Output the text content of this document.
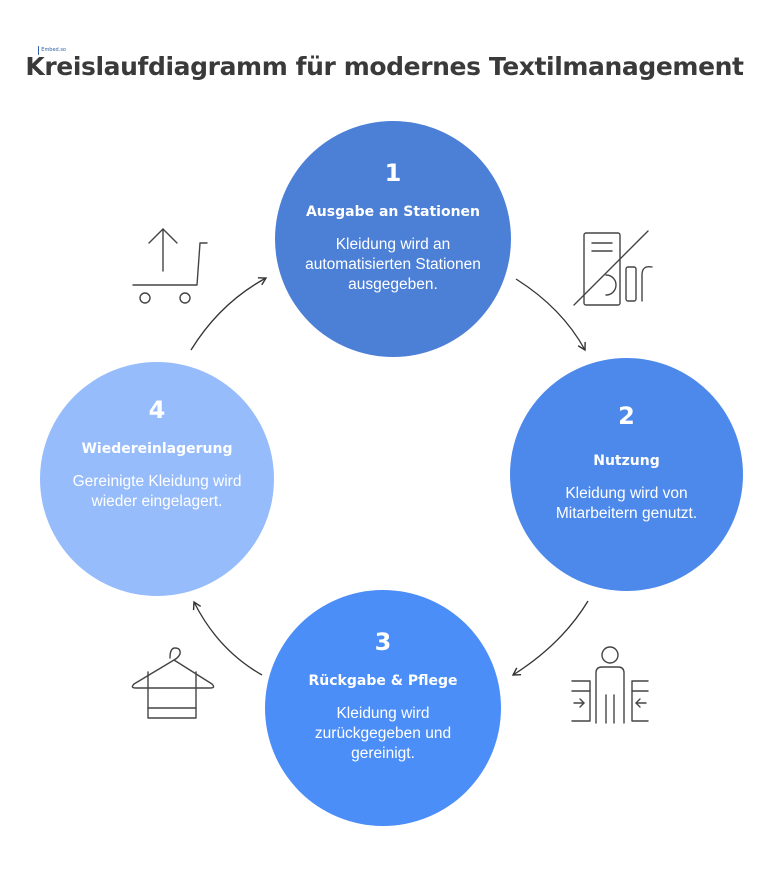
Embed.so
Kreislaufdiagramm für modernes Textilmanagement
1
Ausgabe an Stationen
Kleidung wird an automatisierten Stationen ausgegeben.
2
Nutzung
Kleidung wird von Mitarbeitern genutzt.
3
Rückgabe & Pflege
Kleidung wird zurückgegeben und gereinigt.
4
Wiedereinlagerung
Gereinigte Kleidung wird wieder eingelagert.
